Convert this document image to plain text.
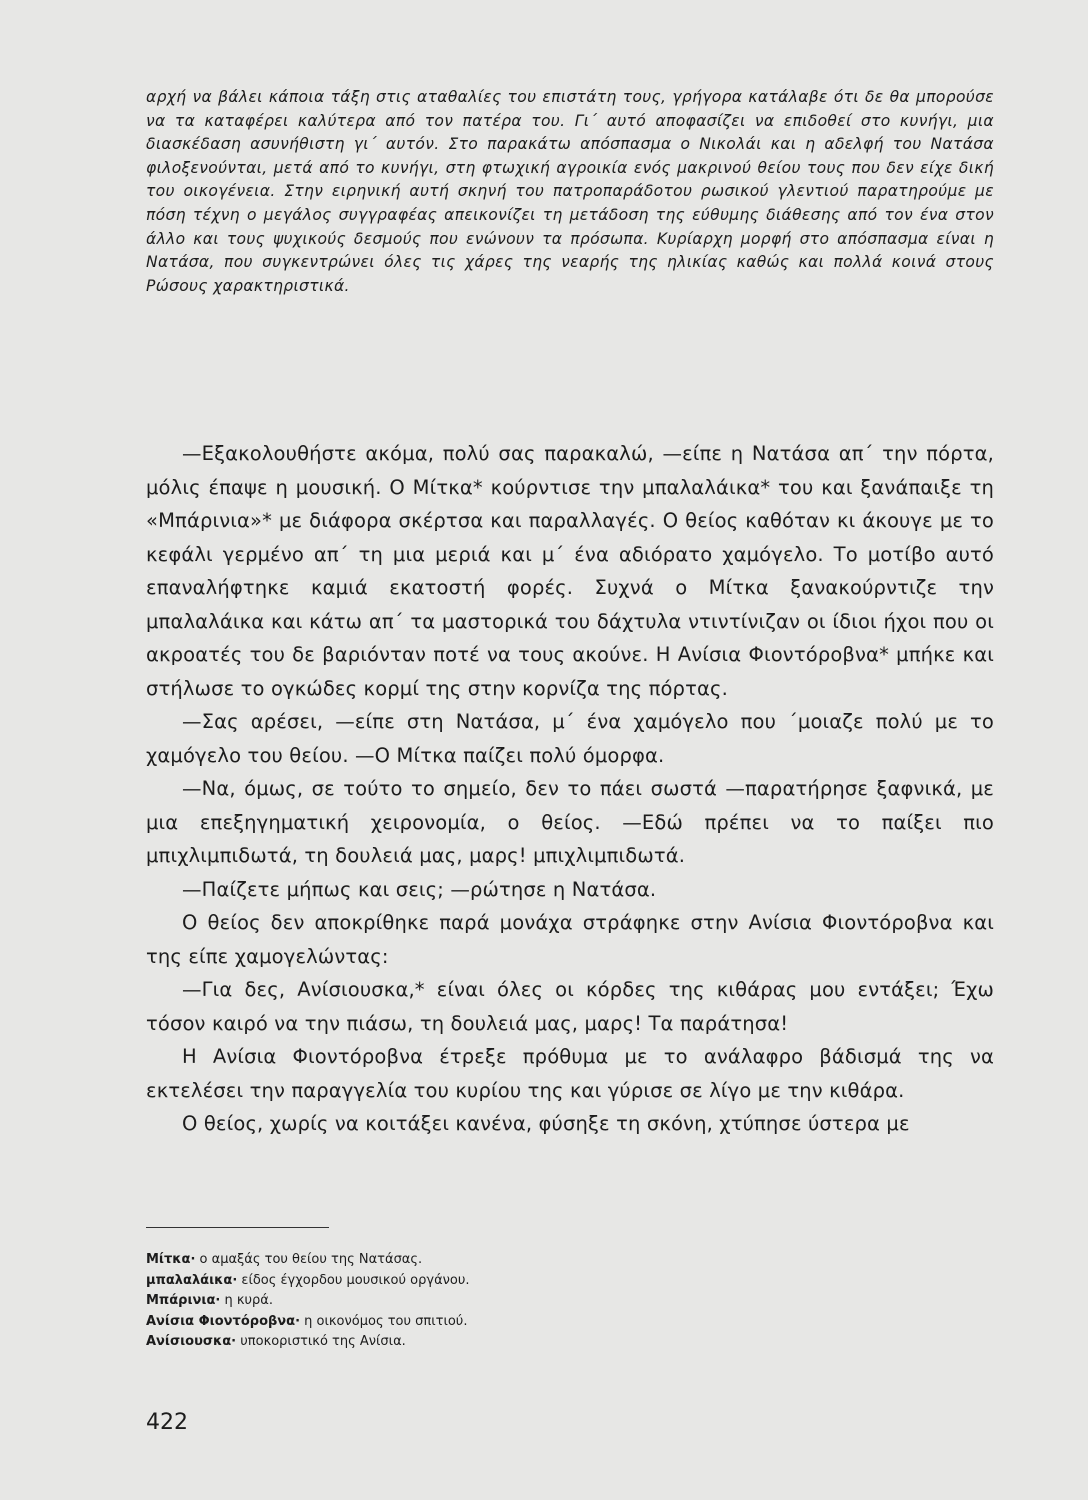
αρχή να βάλει κάποια τάξη στις αταθαλίες του επιστάτη τους, γρήγορα κατάλαβε ότι δε θα μπορούσε να τα καταφέρει καλύτερα από τον πατέρα του. Γι΄ αυτό αποφασίζει να επιδοθεί στο κυνήγι, μια διασκέδαση ασυνήθιστη γι΄ αυτόν. Στο παρακάτω απόσπασμα ο Νικολάι και η αδελφή του Νατάσα φιλοξενούνται, μετά από το κυνήγι, στη φτωχική αγροικία ενός μακρινού θείου τους που δεν είχε δική του οικογένεια. Στην ειρηνική αυτή σκηνή του πατροπαράδοτου ρωσικού γλεντιού παρατηρούμε με πόση τέχνη ο μεγάλος συγγραφέας απεικονίζει τη μετάδοση της εύθυμης διάθεσης από τον ένα στον άλλο και τους ψυχικούς δεσμούς που ενώνουν τα πρόσωπα. Κυρίαρχη μορφή στο απόσπασμα είναι η Νατάσα, που συγκεντρώνει όλες τις χάρες της νεαρής της ηλικίας καθώς και πολλά κοινά στους Ρώσους χαρακτηριστικά.

—Εξακολουθήστε ακόμα, πολύ σας παρακαλώ, —είπε η Νατάσα απ΄ την πόρτα, μόλις έπαψε η μουσική. Ο Μίτκα* κούρντισε την μπαλαλάικα* του και ξανάπαιξε τη «Μπάρινια»* με διάφορα σκέρτσα και παραλλαγές. Ο θείος καθόταν κι άκουγε με το κεφάλι γερμένο απ΄ τη μια μεριά και μ΄ ένα αδιόρατο χαμόγελο. Το μοτίβο αυτό επαναλήφτηκε καμιά εκατοστή φορές. Συχνά ο Μίτκα ξανακούρντιζε την μπαλαλάικα και κάτω απ΄ τα μαστορικά του δάχτυλα ντιντίνιζαν οι ίδιοι ήχοι που οι ακροατές του δε βαριόνταν ποτέ να τους ακούνε. Η Ανίσια Φιοντόροβνα* μπήκε και στήλωσε το ογκώδες κορμί της στην κορνίζα της πόρτας.

—Σας αρέσει, —είπε στη Νατάσα, μ΄ ένα χαμόγελο που ΄μοιαζε πολύ με το χαμόγελο του θείου. —Ο Μίτκα παίζει πολύ όμορφα.

—Να, όμως, σε τούτο το σημείο, δεν το πάει σωστά —παρατήρησε ξαφνικά, με μια επεξηγηματική χειρονομία, ο θείος. —Εδώ πρέπει να το παίξει πιο μπιχλιμπιδωτά, τη δουλειά μας, μαρς! μπιχλιμπιδωτά.

—Παίζετε μήπως και σεις; —ρώτησε η Νατάσα.

Ο θείος δεν αποκρίθηκε παρά μονάχα στράφηκε στην Ανίσια Φιοντόροβνα και της είπε χαμογελώντας:

—Για δες, Ανίσιουσκα,* είναι όλες οι κόρδες της κιθάρας μου εντάξει; Έχω τόσον καιρό να την πιάσω, τη δουλειά μας, μαρς! Τα παράτησα!

Η Ανίσια Φιοντόροβνα έτρεξε πρόθυμα με το ανάλαφρο βάδισμά της να εκτελέσει την παραγγελία του κυρίου της και γύρισε σε λίγο με την κιθάρα.

Ο θείος, χωρίς να κοιτάξει κανένα, φύσηξε τη σκόνη, χτύπησε ύστερα με

Μίτκα· ο αμαξάς του θείου της Νατάσας.

μπαλαλάικα· είδος έγχορδου μουσικού οργάνου.

Μπάρινια· η κυρά.

Ανίσια Φιοντόροβνα· η οικονόμος του σπιτιού.

Ανίσιουσκα· υποκοριστικό της Ανίσια.

422
